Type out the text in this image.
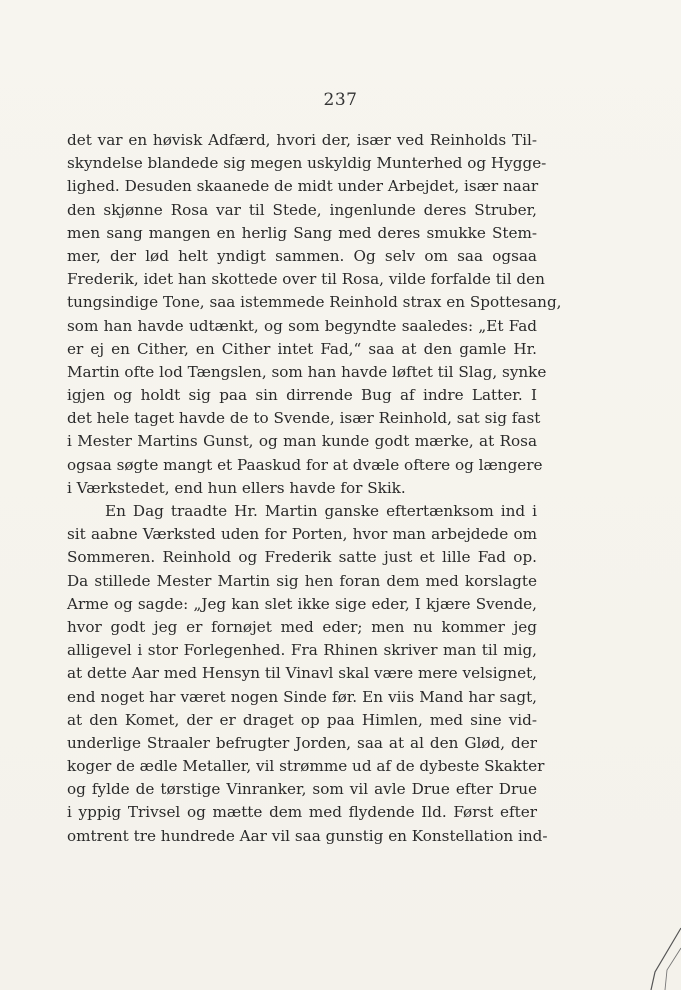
237
det var en høvisk Adfærd, hvori der, især ved Reinholds Til-
skyndelse blandede sig megen uskyldig Munterhed og Hygge-
lighed. Desuden skaanede de midt under Arbejdet, især naar
den skjønne Rosa var til Stede, ingenlunde deres Struber,
men sang mangen en herlig Sang med deres smukke Stem-
mer, der lød helt yndigt sammen. Og selv om saa ogsaa
Frederik, idet han skottede over til Rosa, vilde forfalde til den
tungsindige Tone, saa istemmede Reinhold strax en Spottesang,
som han havde udtænkt, og som begyndte saaledes: „Et Fad
er ej en Cither, en Cither intet Fad,“ saa at den gamle Hr.
Martin ofte lod Tængslen, som han havde løftet til Slag, synke
igjen og holdt sig paa sin dirrende Bug af indre Latter. I
det hele taget havde de to Svende, især Reinhold, sat sig fast
i Mester Martins Gunst, og man kunde godt mærke, at Rosa
ogsaa søgte mangt et Paaskud for at dvæle oftere og længere
i Værkstedet, end hun ellers havde for Skik.
En Dag traadte Hr. Martin ganske eftertænksom ind i
sit aabne Værksted uden for Porten, hvor man arbejdede om
Sommeren. Reinhold og Frederik satte just et lille Fad op.
Da stillede Mester Martin sig hen foran dem med korslagte
Arme og sagde: „Jeg kan slet ikke sige eder, I kjære Svende,
hvor godt jeg er fornøjet med eder; men nu kommer jeg
alligevel i stor Forlegenhed. Fra Rhinen skriver man til mig,
at dette Aar med Hensyn til Vinavl skal være mere velsignet,
end noget har været nogen Sinde før. En viis Mand har sagt,
at den Komet, der er draget op paa Himlen, med sine vid-
underlige Straaler befrugter Jorden, saa at al den Glød, der
koger de ædle Metaller, vil strømme ud af de dybeste Skakter
og fylde de tørstige Vinranker, som vil avle Drue efter Drue
i yppig Trivsel og mætte dem med flydende Ild. Først efter
omtrent tre hundrede Aar vil saa gunstig en Konstellation ind-
